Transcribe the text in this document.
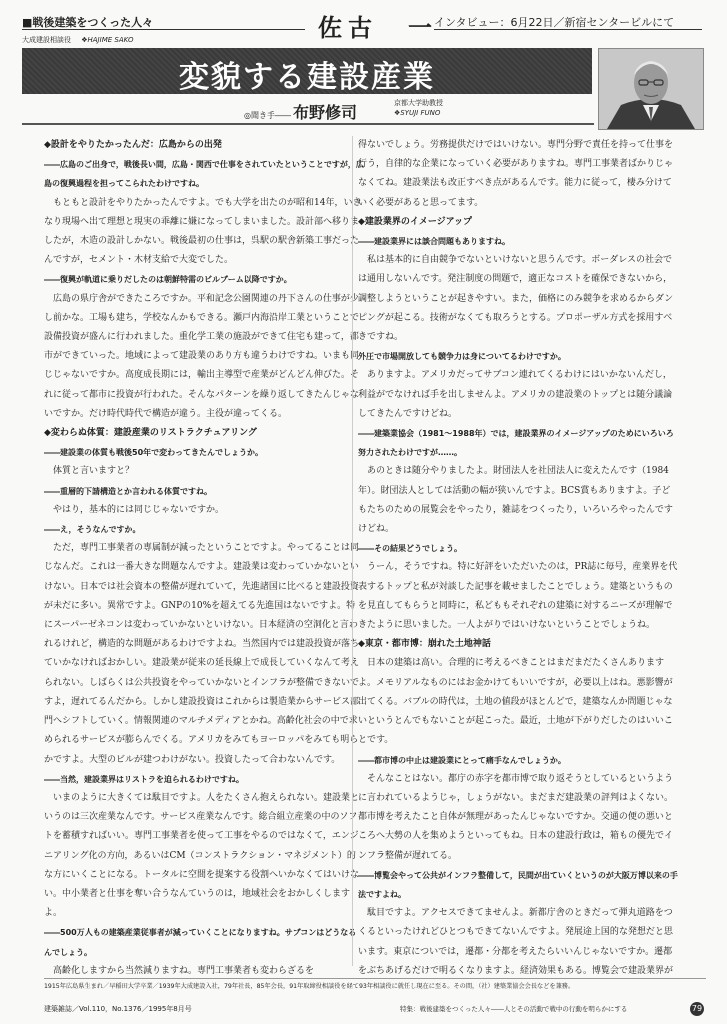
■戦後建築をつくった人々
大成建設相談役 ❖HAJIME SAKO	佐古　一
インタビュー：6月22日／新宿センタービルにて
変貌する建設産業
◎聞き手―― 布野修司	京都大学助教授
❖SYUJI FUNO

◆設計をやりたかったんだ：広島からの出発

――広島のご出身で，戦後長い間，広島・関西で仕事をされていたということですが，広島の復興過程を担ってこられたわけですね。

もともと設計をやりたかったんですよ。でも大学を出たのが昭和14年，いきなり現場へ出て理想と現実の乖離に嫌になってしまいました。設計部へ移りましたが，木造の設計しかない。戦後最初の仕事は，呉駅の駅舎新築工事だったんですが，セメント・木材支給で大変でした。

――復興が軌道に乗りだしたのは朝鮮特需のビルブーム以降ですか。

広島の県庁舎ができたころですか。平和記念公園関連の丹下さんの仕事が少し前かな。工場も建ち，学校なんかもできる。瀬戸内海沿岸工業ということで設備投資が盛んに行われました。重化学工業の施設ができて住宅も建って，都市ができていった。地域によって建設業のあり方も違うわけですね。いまも同じじゃないですか。高度成長期には，輸出主導型で産業がどんどん伸びた。それに従って都市に投資が行われた。そんなパターンを繰り返してきたんじゃないですか。だけ時代時代で構造が違う。主役が違ってくる。

◆変わらぬ体質：建設産業のリストラクチュアリング

――建設業の体質も戦後50年で変わってきたんでしょうか。

体質と言いますと？

――重層的下請構造とか言われる体質ですね。

やはり，基本的には同じじゃないですか。

――え，そうなんですか。

ただ，専門工事業者の専属制が減ったということですよ。やってることは同じなんだ。これは一番大きな問題なんですよ。建設業は変わっていかないといけない。日本では社会資本の整備が遅れていて，先進諸国に比べると建設投資が未だに多い。異常ですよ。GNPの10%を超えてる先進国はないですよ。特にスーパーゼネコンは変わっていかないといけない。日本経済の空洞化と言われるけれど，構造的な問題があるわけですよね。当然国内では建設投資が落ちていかなければおかしい。建設業が従来の延長線上で成長していくなんて考えられない。しばらくは公共投資をやっていかないとインフラが整備できないですよ，遅れてるんだから。しかし建設投資はこれからは製造業からサービス部門へシフトしていく。情報関連のマルチメディアとかね。高齢化社会の中で求められるサービスが膨らんでくる。アメリカをみてもヨーロッパをみても明らかですよ。大型のビルが建つわけがない。投資したって合わないんです。

――当然，建設業界はリストラを迫られるわけですね。

いまのように大きくては駄目ですよ。人をたくさん抱えられない。建設業というのは三次産業なんです。サービス産業なんです。総合組立産業の中のソフトを蓄積すればいい。専門工事業者を使って工事をやるのではなくて，エンジニアリング化の方向，あるいはCM（コンストラクション・マネジメント）的な方にいくことになる。トータルに空間を提案する役割へいかなくてはいけない。中小業者と仕事を奪い合うなんていうのは，地域社会をおかしくしますよ。

――500万人もの建築産業従事者が減っていくことになりますね。サブコンはどうなるんでしょう。

高齢化しますから当然減りますね。専門工事業者も変わらざるを

得ないでしょう。労務提供だけではいけない。専門分野で責任を持って仕事を行う，自律的な企業になっていく必要がありますね。専門工事業者ばかりじゃなくてね。建設業法も改正すべき点があるんです。能力に従って，棲み分けていく必要があると思ってます。

◆建設業界のイメージアップ

――建設業界には談合問題もありますね。

私は基本的に自由競争でないといけないと思うんです。ボーダレスの社会では通用しないんです。発注制度の問題で，適正なコストを確保できないから，調整しようということが起きやすい。また，価格にのみ競争を求めるからダンピングが起こる。技術がなくても取ろうとする。プロポーザル方式を採用すべきですね。

外圧で市場開放しても競争力は身についてるわけですか。

ありますよ。アメリカだってサブコン連れてくるわけにはいかないんだし，利益がでなければ手を出しませんよ。アメリカの建設業のトップとは随分議論してきたんですけどね。

――建築業協会（1981～1988年）では，建設業界のイメージアップのためにいろいろ努力されたわけですが……。

あのときは随分やりましたよ。財団法人を社団法人に変えたんです（1984年）。財団法人としては活動の幅が狭いんですよ。BCS賞もありますよ。子どもたちのための展覧会をやったり，雑誌をつくったり，いろいろやったんですけどね。

――その結果どうでしょう。

うーん，そうですね。特に好評をいただいたのは，PR誌に毎号，産業界を代表するトップと私が対談した記事を載せましたことでしょう。建築というものを見直してもらうと同時に，私どももそれぞれの建築に対するニーズが理解できたように思いました。一人よがりではいけないということでしょうね。

◆東京・都市博：崩れた土地神話

日本の建築は高い。合理的に考えるべきことはまだまだたくさんありますよ。メモリアルなものにはお金かけてもいいですが，必要以上はね。悪影響が出てくる。バブルの時代は，土地の値段がほとんどで，建築なんか問題じゃないというとんでもないことが起こった。最近，土地が下がりだしたのはいいことです。

――都市博の中止は建設業にとって痛手なんでしょうか。

そんなことはない。都庁の赤字を都市博で取り返そうとしているというように言われているようじゃ，しょうがない。まだまだ建設業の評判はよくない。都市博を考えたこと自体が無理があったんじゃないですか。交通の便の悪いところへ大勢の人を集めようといってもね。日本の建設行政は，箱もの優先でインフラ整備が遅れてる。

――博覧会やって公共がインフラ整備して，民間が出ていくというのが大阪万博以来の手法ですよね。

駄目ですよ。アクセスできてませんよ。新都庁舎のときだって弾丸道路をつくるといったけれどひとつもできてないんですよ。発展途上国的な発想だと思います。東京についでは，遷都・分都を考えたらいいんじゃないですか。遷都をぶちあげるだけで明るくなりますよ。経済効果もある。博覧会で建設業界が

1915年広島県生まれ／早稲田大学卒業／1939年大成建設入社，79年社長，85年会長，91年取締役相談役を経て93年相談役に就任し現在に至る。その間，（社）建築業協会会長などを兼務。
建築雑誌／Vol.110，No.1376／1995年8月号	特集：戦後建築をつくった人々――人とその活動で戦中の行動を明らかにする	79
